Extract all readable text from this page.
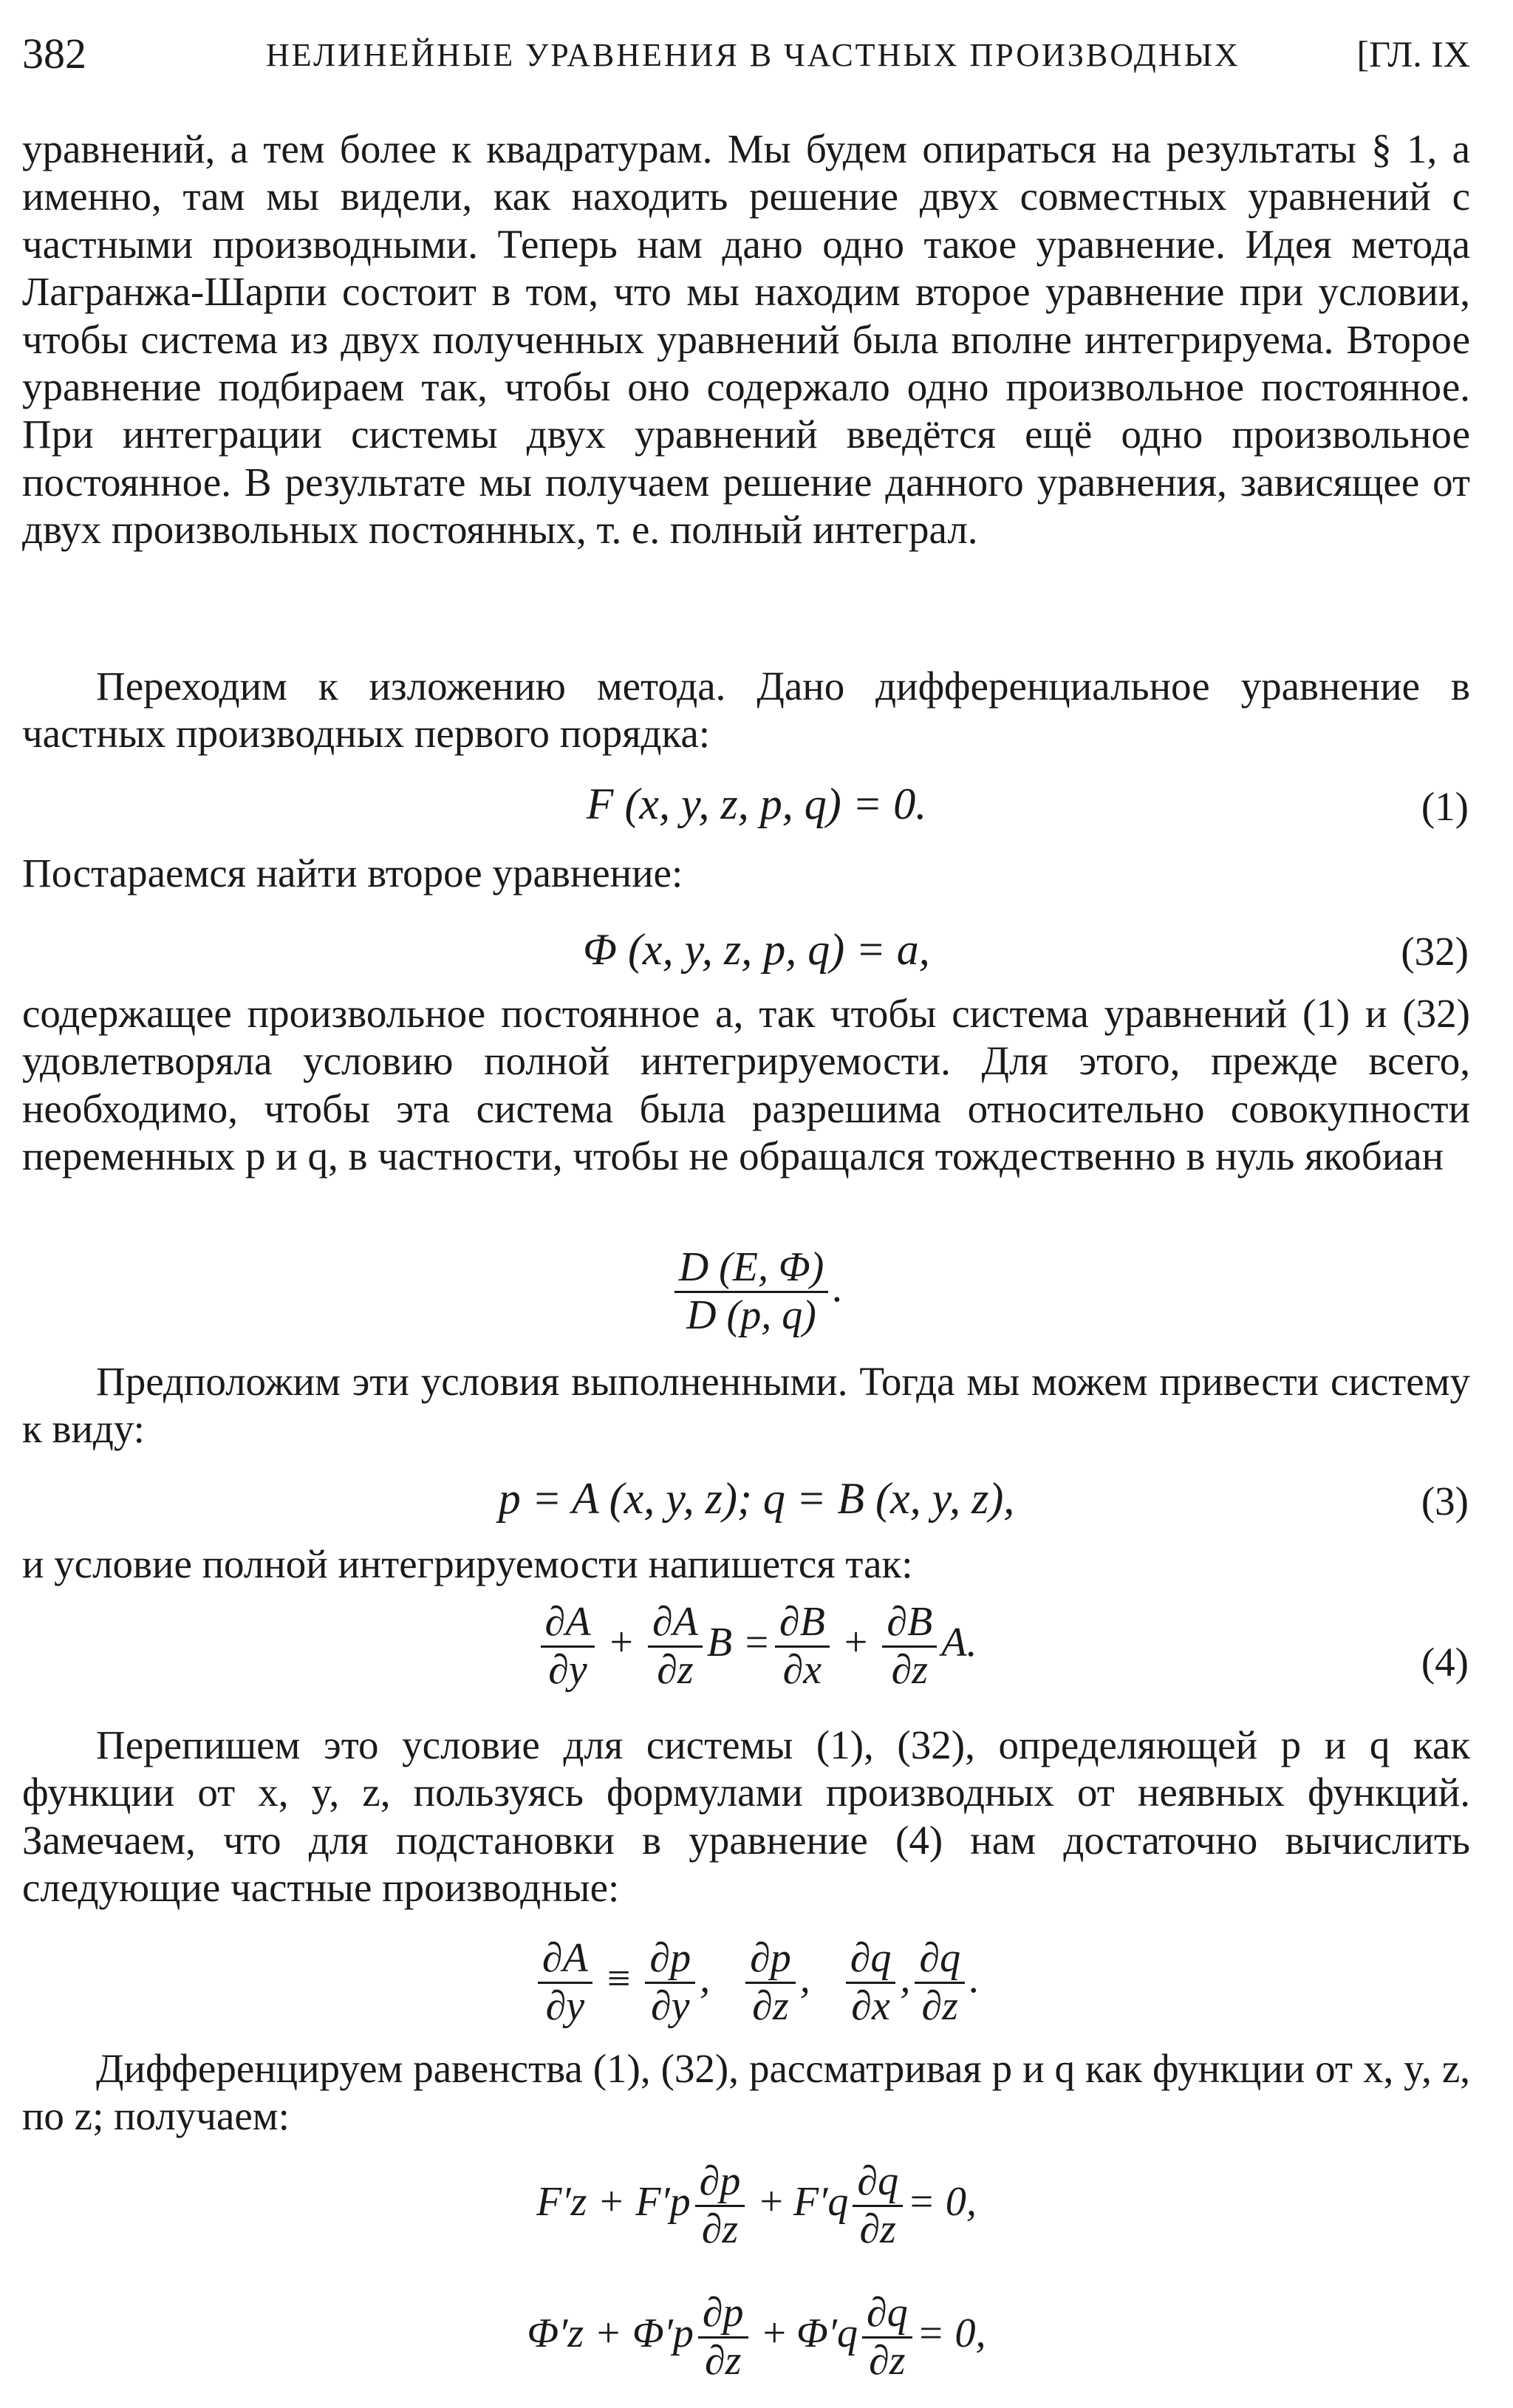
382	НЕЛИНЕЙНЫЕ УРАВНЕНИЯ В ЧАСТНЫХ ПРОИЗВОДНЫХ	[ГЛ. IX

уравнений, а тем более к квадратурам. Мы будем опираться на результаты § 1, а именно, там мы видели, как находить решение двух совместных уравнений с частными производными. Теперь нам дано одно такое уравнение. Идея метода Лагранжа-Шарпи состоит в том, что мы находим второе уравнение при условии, чтобы система из двух полученных уравнений была вполне интегрируема. Второе уравнение подбираем так, чтобы оно содержало одно произвольное постоянное. При интеграции системы двух уравнений введётся ещё одно произвольное постоянное. В результате мы получаем решение данного уравнения, зависящее от двух произвольных постоянных, т. е. полный интеграл.

Переходим к изложению метода. Дано дифференциальное уравнение в частных производных первого порядка:

F (x, y, z, p, q) = 0.	(1)

Постараемся найти второе уравнение:

Φ (x, y, z, p, q) = a,	(32)

содержащее произвольное постоянное a, так чтобы система уравнений (1) и (32) удовлетворяла условию полной интегрируемости. Для этого, прежде всего, необходимо, чтобы эта система была разрешима относительно совокупности переменных p и q, в частности, чтобы не обращался тождественно в нуль якобиан

$\frac{D (E, \Phi)}{D (p, q)}$ .

Предположим эти условия выполненными. Тогда мы можем привести систему к виду:

p = A (x, y, z); q = B (x, y, z),	(3)

и условие полной интегрируемости напишется так:

$\frac{\partial A}{\partial y} + \frac{\partial A}{\partial z}$ $B = \frac{\partial B}{\partial x} + \frac{\partial B}{\partial z} A$.	(4)

Перепишем это условие для системы (1), (32), определяющей p и q как функции от x, y, z, пользуясь формулами производных от неявных функций. Замечаем, что для подстановки в уравнение (4) нам достаточно вычислить следующие частные производные:

$\frac{\partial A}{\partial y} \equiv \frac{\partial p}{\partial y}$ , $\frac{\partial p}{\partial z}$ , $\frac{\partial q}{\partial x}$ , $\frac{\partial q}{\partial z}$ .

Дифференцируем равенства (1), (32), рассматривая p и q как функции от x, y, z, по z; получаем:

$F'z + F'p \frac{\partial p}{\partial z} + F'q \frac{\partial q}{\partial z} = 0$,
$\Phi'z + \Phi'p \frac{\partial p}{\partial z} + \Phi'q \frac{\partial q}{\partial z} = 0$,
